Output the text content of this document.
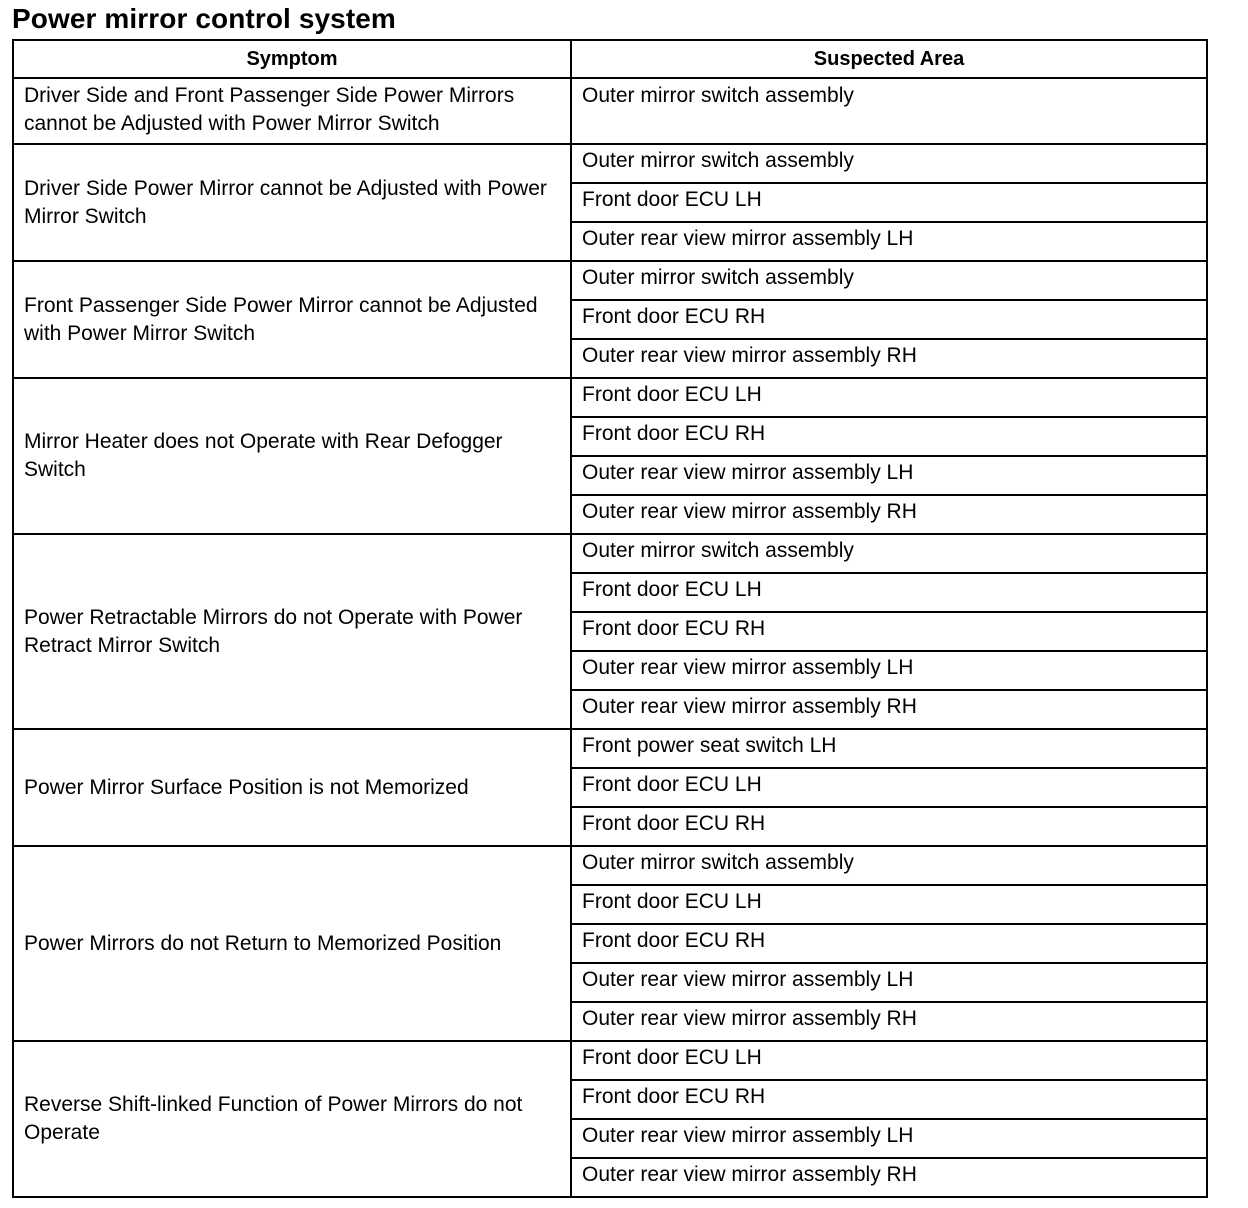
Power mirror control system
Symptom	Suspected Area
Driver Side and Front Passenger Side Power Mirrors cannot be Adjusted with Power Mirror Switch	Outer mirror switch assembly
Driver Side Power Mirror cannot be Adjusted with Power Mirror Switch	Outer mirror switch assembly
	Front door ECU LH
	Outer rear view mirror assembly LH
Front Passenger Side Power Mirror cannot be Adjusted with Power Mirror Switch	Outer mirror switch assembly
	Front door ECU RH
	Outer rear view mirror assembly RH
Mirror Heater does not Operate with Rear Defogger Switch	Front door ECU LH
	Front door ECU RH
	Outer rear view mirror assembly LH
	Outer rear view mirror assembly RH
Power Retractable Mirrors do not Operate with Power Retract Mirror Switch	Outer mirror switch assembly
	Front door ECU LH
	Front door ECU RH
	Outer rear view mirror assembly LH
	Outer rear view mirror assembly RH
Power Mirror Surface Position is not Memorized	Front power seat switch LH
	Front door ECU LH
	Front door ECU RH
Power Mirrors do not Return to Memorized Position	Outer mirror switch assembly
	Front door ECU LH
	Front door ECU RH
	Outer rear view mirror assembly LH
	Outer rear view mirror assembly RH
Reverse Shift-linked Function of Power Mirrors do not Operate	Front door ECU LH
	Front door ECU RH
	Outer rear view mirror assembly LH
	Outer rear view mirror assembly RH
